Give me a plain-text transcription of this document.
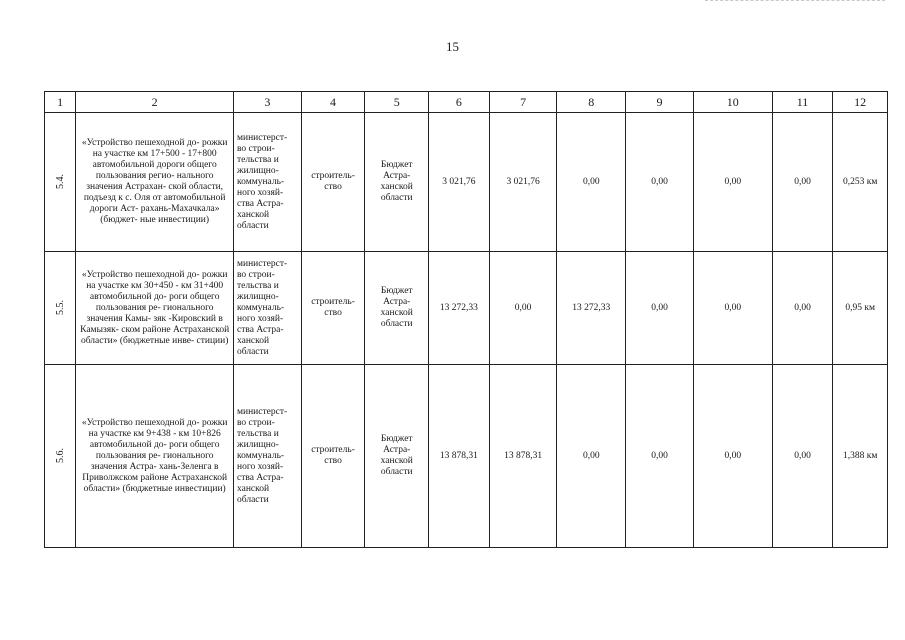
15
1	2	3	4	5	6	7	8	9	10	11	12
5.4.	«Устройство пешеходной до- рожки на участке км 17+500 - 17+800 автомобильной дороги общего пользования регио- нального значения Астрахан- ской области, подъезд к с. Оля от автомобильной дороги Аст- рахань-Махачкала» (бюджет- ные инвестиции)	министерст- во строи- тельства и жилищно- коммуналь- ного хозяй- ства Астра- ханской области	строитель- ство	Бюджет Астра- ханской области	3 021,76	3 021,76	0,00	0,00	0,00	0,00	0,253 км
5.5.	«Устройство пешеходной до- рожки на участке км 30+450 - км 31+400 автомобильной до- роги общего пользования ре- гионального значения Камы- зяк -Кировский в Камызяк- ском районе Астраханской области» (бюджетные инве- стиции)	министерст- во строи- тельства и жилищно- коммуналь- ного хозяй- ства Астра- ханской области	строитель- ство	Бюджет Астра- ханской области	13 272,33	0,00	13 272,33	0,00	0,00	0,00	0,95 км
5.6.	«Устройство пешеходной до- рожки на участке км 9+438 - км 10+826 автомобильной до- роги общего пользования ре- гионального значения Астра- хань-Зеленга в Приволжском районе Астраханской области» (бюджетные инвестиции)	министерст- во строи- тельства и жилищно- коммуналь- ного хозяй- ства Астра- ханской области	строитель- ство	Бюджет Астра- ханской области	13 878,31	13 878,31	0,00	0,00	0,00	0,00	1,388 км
